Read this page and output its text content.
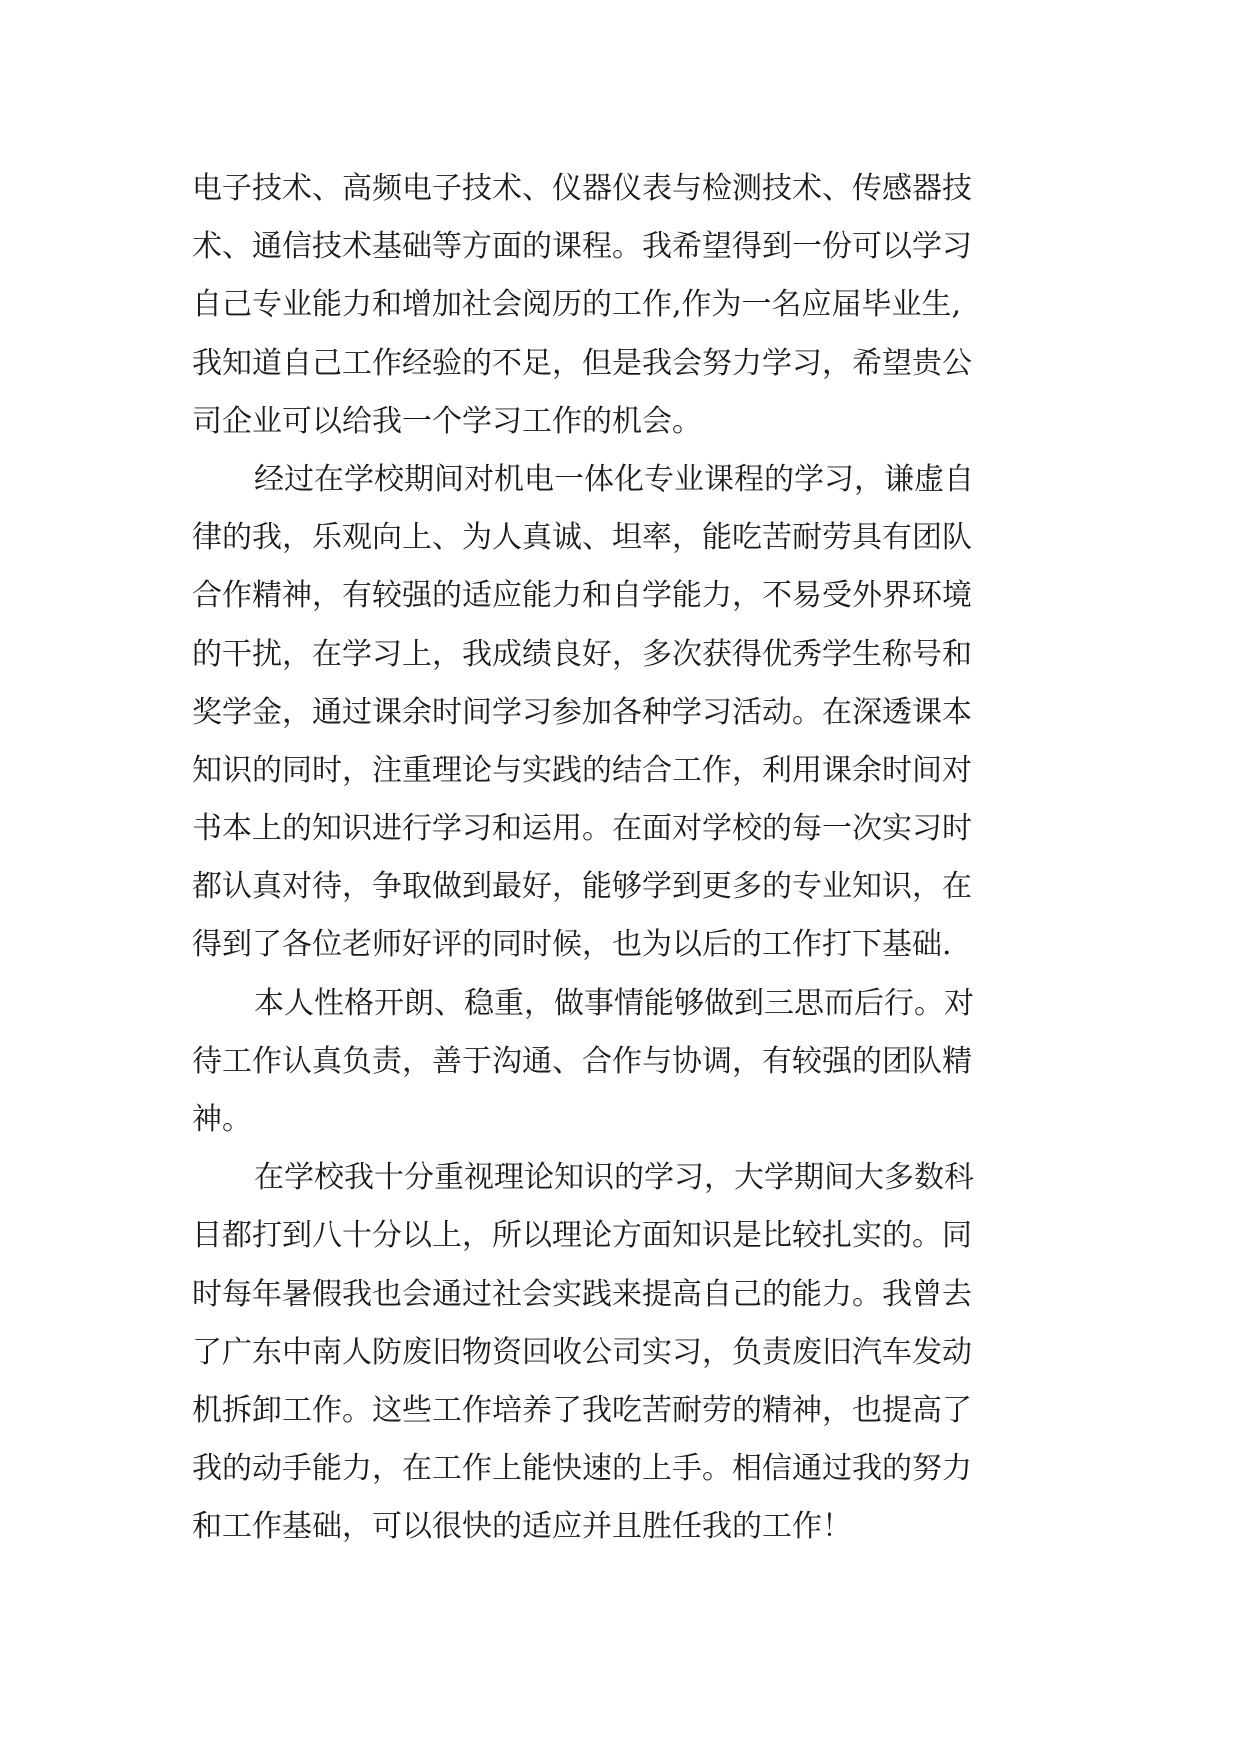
电子技术、高频电子技术、仪器仪表与检测技术、传感器技
术、通信技术基础等方面的课程。我希望得到一份可以学习
自己专业能力和增加社会阅历的工作,作为一名应届毕业生,
我知道自己工作经验的不足，但是我会努力学习，希望贵公
司企业可以给我一个学习工作的机会。
经过在学校期间对机电一体化专业课程的学习，谦虚自
律的我，乐观向上、为人真诚、坦率，能吃苦耐劳具有团队
合作精神，有较强的适应能力和自学能力，不易受外界环境
的干扰，在学习上，我成绩良好，多次获得优秀学生称号和
奖学金，通过课余时间学习参加各种学习活动。在深透课本
知识的同时，注重理论与实践的结合工作，利用课余时间对
书本上的知识进行学习和运用。在面对学校的每一次实习时
都认真对待，争取做到最好，能够学到更多的专业知识，在
得到了各位老师好评的同时候，也为以后的工作打下基础.
本人性格开朗、稳重，做事情能够做到三思而后行。对
待工作认真负责，善于沟通、合作与协调，有较强的团队精
神。
在学校我十分重视理论知识的学习，大学期间大多数科
目都打到八十分以上，所以理论方面知识是比较扎实的。同
时每年暑假我也会通过社会实践来提高自己的能力。我曾去
了广东中南人防废旧物资回收公司实习，负责废旧汽车发动
机拆卸工作。这些工作培养了我吃苦耐劳的精神，也提高了
我的动手能力，在工作上能快速的上手。相信通过我的努力
和工作基础，可以很快的适应并且胜任我的工作！
